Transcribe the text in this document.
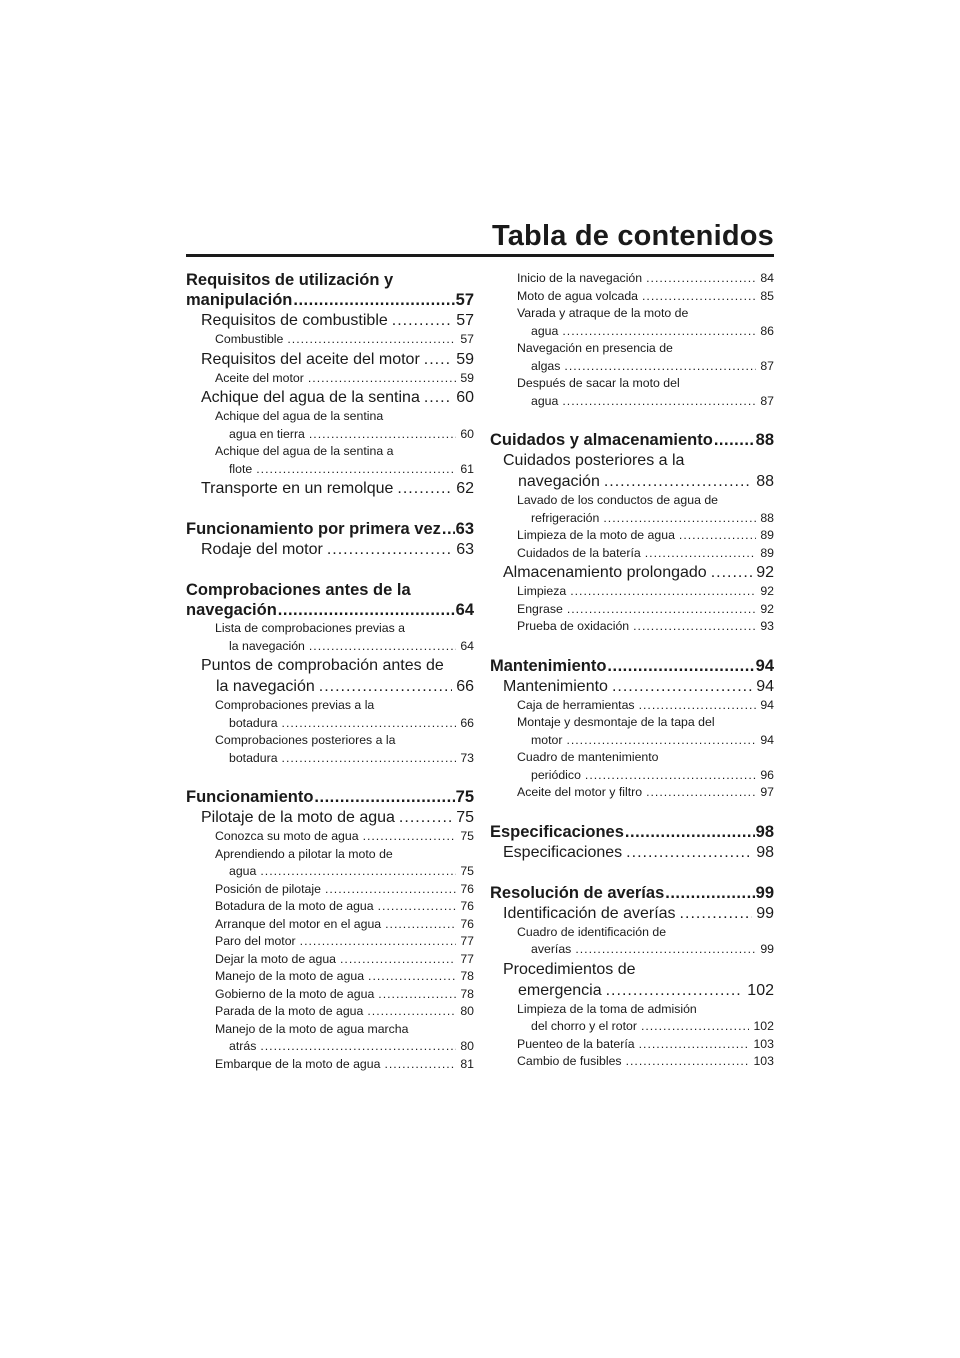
Tabla de contenidos
Requisitos de utilización y
manipulación .....	57
Requisitos de combustible .....	57
Combustible .....	57
Requisitos del aceite del motor ..... 59
Aceite del motor .....	59
Achique del agua de la sentina ..... 60
Achique del agua de la sentina
agua en tierra .....	60
Achique del agua de la sentina a
flote .....	61
Transporte en un remolque .....	62
Funcionamiento por primera vez ..... 63
Rodaje del motor .....	63
Comprobaciones antes de la
navegación .....	64
Lista de comprobaciones previas a
la navegación .....	64
Puntos de comprobación antes de
la navegación .....	66
Comprobaciones previas a la
botadura .....	66
Comprobaciones posteriores a la
botadura .....	73
Funcionamiento .....	75
Pilotaje de la moto de agua .....	75
Conozca su moto de agua .....	75
Aprendiendo a pilotar la moto de
agua .....	75
Posición de pilotaje .....	76
Botadura de la moto de agua .....	76
Arranque del motor en el agua .....	76
Paro del motor .....	77
Dejar la moto de agua .....	77
Manejo de la moto de agua .....	78
Gobierno de la moto de agua .....	78
Parada de la moto de agua .....	80
Manejo de la moto de agua marcha
atrás .....	80
Embarque de la moto de agua .....	81
Inicio de la navegación .....	84
Moto de agua volcada .....	85
Varada y atraque de la moto de
agua .....	86
Navegación en presencia de
algas .....	87
Después de sacar la moto del
agua .....	87
Cuidados y almacenamiento .....	88
Cuidados posteriores a la
navegación .....	88
Lavado de los conductos de agua de
refrigeración .....	88
Limpieza de la moto de agua .....	89
Cuidados de la batería .....	89
Almacenamiento prolongado .....	92
Limpieza .....	92
Engrase .....	92
Prueba de oxidación .....	93
Mantenimiento .....	94
Mantenimiento .....	94
Caja de herramientas .....	94
Montaje y desmontaje de la tapa del
motor .....	94
Cuadro de mantenimiento
periódico .....	96
Aceite del motor y filtro .....	97
Especificaciones .....	98
Especificaciones .....	98
Resolución de averías .....	99
Identificación de averías .....	99
Cuadro de identificación de
averías .....	99
Procedimientos de
emergencia .....	102
Limpieza de la toma de admisión
del chorro y el rotor .....	102
Puenteo de la batería .....	103
Cambio de fusibles .....	103
